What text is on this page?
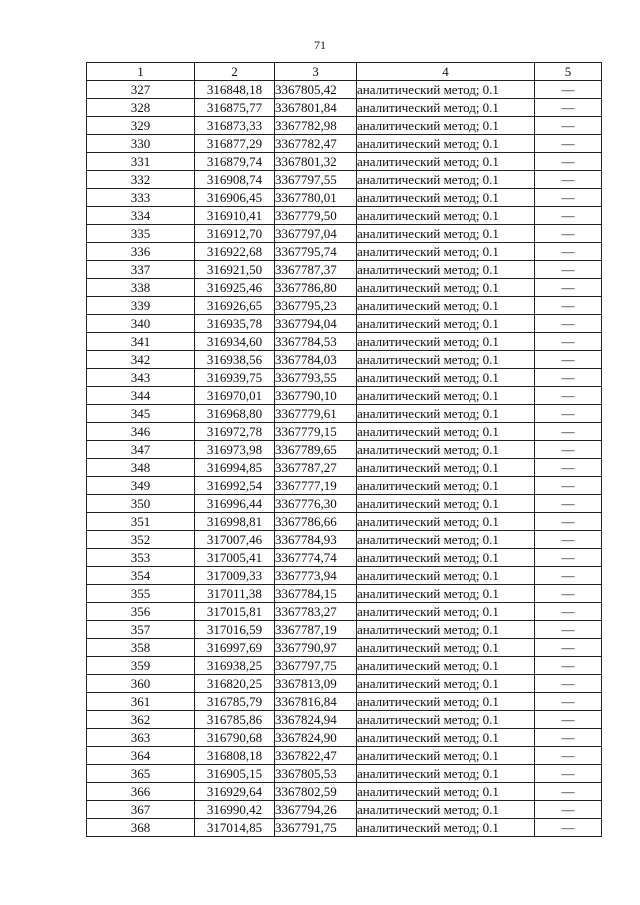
71
1	2	3	4	5
327	316848,18	3367805,42	аналитический метод; 0.1	—
328	316875,77	3367801,84	аналитический метод; 0.1	—
329	316873,33	3367782,98	аналитический метод; 0.1	—
330	316877,29	3367782,47	аналитический метод; 0.1	—
331	316879,74	3367801,32	аналитический метод; 0.1	—
332	316908,74	3367797,55	аналитический метод; 0.1	—
333	316906,45	3367780,01	аналитический метод; 0.1	—
334	316910,41	3367779,50	аналитический метод; 0.1	—
335	316912,70	3367797,04	аналитический метод; 0.1	—
336	316922,68	3367795,74	аналитический метод; 0.1	—
337	316921,50	3367787,37	аналитический метод; 0.1	—
338	316925,46	3367786,80	аналитический метод; 0.1	—
339	316926,65	3367795,23	аналитический метод; 0.1	—
340	316935,78	3367794,04	аналитический метод; 0.1	—
341	316934,60	3367784,53	аналитический метод; 0.1	—
342	316938,56	3367784,03	аналитический метод; 0.1	—
343	316939,75	3367793,55	аналитический метод; 0.1	—
344	316970,01	3367790,10	аналитический метод; 0.1	—
345	316968,80	3367779,61	аналитический метод; 0.1	—
346	316972,78	3367779,15	аналитический метод; 0.1	—
347	316973,98	3367789,65	аналитический метод; 0.1	—
348	316994,85	3367787,27	аналитический метод; 0.1	—
349	316992,54	3367777,19	аналитический метод; 0.1	—
350	316996,44	3367776,30	аналитический метод; 0.1	—
351	316998,81	3367786,66	аналитический метод; 0.1	—
352	317007,46	3367784,93	аналитический метод; 0.1	—
353	317005,41	3367774,74	аналитический метод; 0.1	—
354	317009,33	3367773,94	аналитический метод; 0.1	—
355	317011,38	3367784,15	аналитический метод; 0.1	—
356	317015,81	3367783,27	аналитический метод; 0.1	—
357	317016,59	3367787,19	аналитический метод; 0.1	—
358	316997,69	3367790,97	аналитический метод; 0.1	—
359	316938,25	3367797,75	аналитический метод; 0.1	—
360	316820,25	3367813,09	аналитический метод; 0.1	—
361	316785,79	3367816,84	аналитический метод; 0.1	—
362	316785,86	3367824,94	аналитический метод; 0.1	—
363	316790,68	3367824,90	аналитический метод; 0.1	—
364	316808,18	3367822,47	аналитический метод; 0.1	—
365	316905,15	3367805,53	аналитический метод; 0.1	—
366	316929,64	3367802,59	аналитический метод; 0.1	—
367	316990,42	3367794,26	аналитический метод; 0.1	—
368	317014,85	3367791,75	аналитический метод; 0.1	—
